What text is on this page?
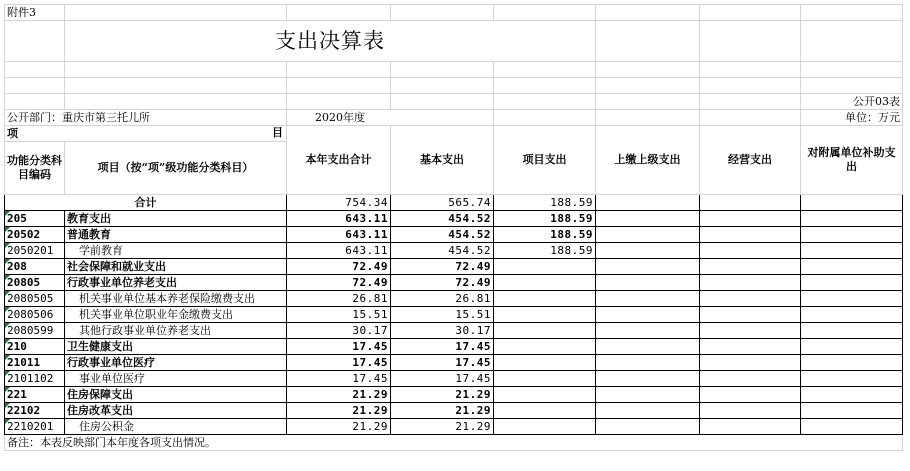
附件3							
	支出决算表						

							公开03表
公开部门：重庆市第三托儿所		2020年度					单位：万元
项 目		本年支出合计	基本支出	项目支出	上缴上级支出	经营支出	对附属单位补助支出
功能分类科目编码	项目（按“项”级功能分类科目）						
合计		754.34	565.74	188.59			
205	教育支出	643.11	454.52	188.59			
20502	普通教育	643.11	454.52	188.59			
2050201	学前教育	643.11	454.52	188.59			
208	社会保障和就业支出	72.49	72.49				
20805	行政事业单位养老支出	72.49	72.49				
2080505	机关事业单位基本养老保险缴费支出	26.81	26.81				
2080506	机关事业单位职业年金缴费支出	15.51	15.51				
2080599	其他行政事业单位养老支出	30.17	30.17				
210	卫生健康支出	17.45	17.45				
21011	行政事业单位医疗	17.45	17.45				
2101102	事业单位医疗	17.45	17.45				
221	住房保障支出	21.29	21.29				
22102	住房改革支出	21.29	21.29				
2210201	住房公积金	21.29	21.29				
备注：本表反映部门本年度各项支出情况。							
